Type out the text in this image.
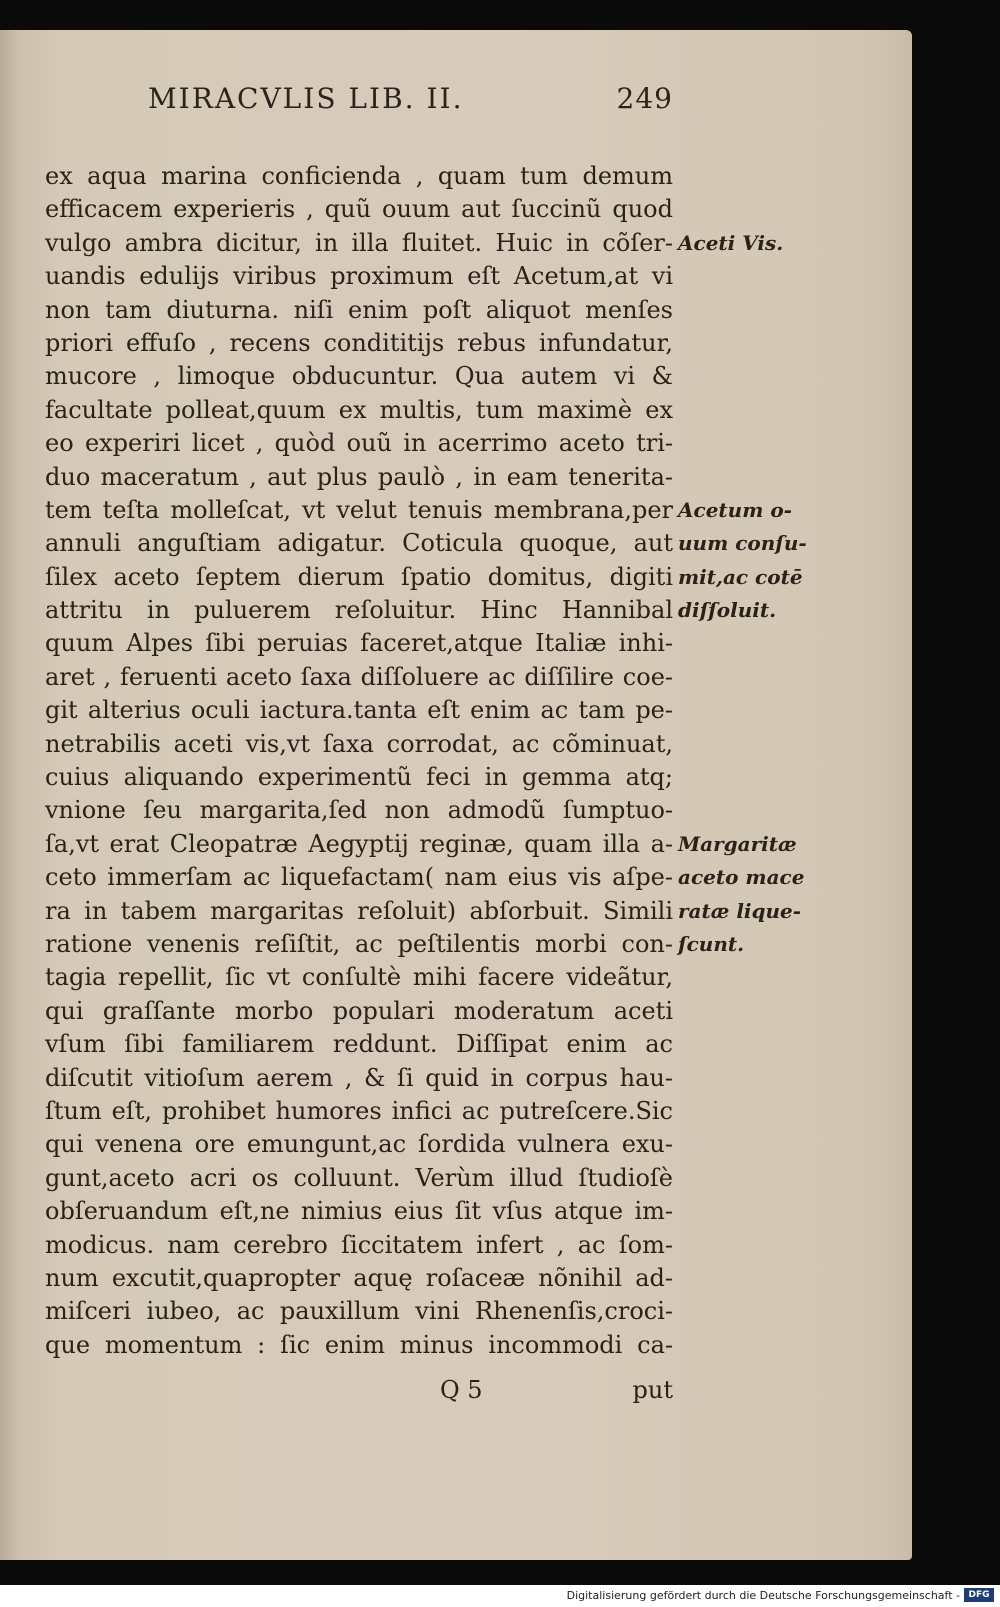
MIRACVLIS LIB. II.	249
ex aqua marina conficienda , quam tum demum
efficacem experieris , quũ ouum aut ſuccinũ quod
vulgo ambra dicitur, in illa fluitet. Huic in cõſer-
uandis edulijs viribus proximum eſt Acetum,at vi
non tam diuturna. niſi enim poſt aliquot menſes
priori effuſo , recens condititijs rebus infundatur,
mucore , limoque obducuntur. Qua autem vi &
facultate polleat,quum ex multis, tum maximè ex
eo experiri licet , quòd ouũ in acerrimo aceto tri-
duo maceratum , aut plus paulò , in eam tenerita-
tem teſta molleſcat, vt velut tenuis membrana,per
annuli anguſtiam adigatur. Coticula quoque, aut
ſilex aceto ſeptem dierum ſpatio domitus, digiti
attritu in puluerem reſoluitur. Hinc Hannibal
quum Alpes ſibi peruias faceret,atque Italiæ inhi-
aret , feruenti aceto ſaxa diſſoluere ac diſſilire coe-
git alterius oculi iactura.tanta eſt enim ac tam pe-
netrabilis aceti vis,vt ſaxa corrodat, ac cõminuat,
cuius aliquando experimentũ feci in gemma atq;
vnione ſeu margarita,ſed non admodũ ſumptuo-
ſa,vt erat Cleopatræ Aegyptij reginæ, quam illa a-
ceto immerſam ac liquefactam( nam eius vis aſpe-
ra in tabem margaritas reſoluit) abſorbuit. Simili
ratione venenis reſiſtit, ac peſtilentis morbi con-
tagia repellit, ſic vt conſultè mihi facere videãtur,
qui graſſante morbo populari moderatum aceti
vſum ſibi familiarem reddunt. Diſſipat enim ac
diſcutit vitioſum aerem , & ſi quid in corpus hau-
ſtum eſt, prohibet humores infici ac putreſcere.Sic
qui venena ore emungunt,ac ſordida vulnera exu-
gunt,aceto acri os colluunt. Verùm illud ſtudioſè
obſeruandum eſt,ne nimius eius ſit vſus atque im-
modicus. nam cerebro ſiccitatem infert , ac ſom-
num excutit,quapropter aquę roſaceæ nõnihil ad-
miſceri iubeo, ac pauxillum vini Rhenenſis,croci-
que momentum : ſic enim minus incommodi ca-
Aceti Vis.
Acetum o-
uum conſu-
mit,ac cotē
diſſoluit.
Margaritæ
aceto mace
ratæ lique-
ſcunt.
Q 5	put
Digitalisierung gefördert durch die Deutsche Forschungsgemeinschaft - DFG
